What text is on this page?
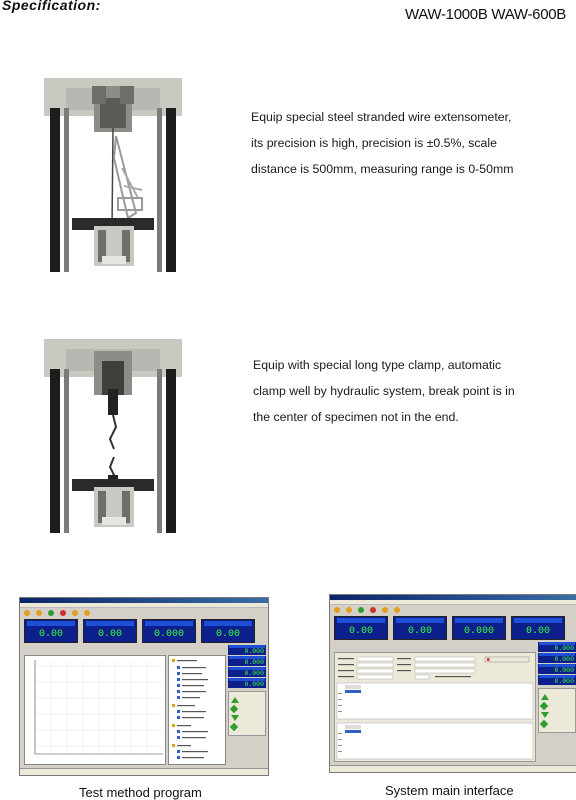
Specification:
WAW-1000B WAW-600B
Equip special steel stranded wire extensometer,
its precision is high, precision is ±0.5%, scale
distance is 500mm, measuring range is 0-50mm
Equip with special long type clamp, automatic
clamp well by hydraulic system, break point is in
the center of specimen not in the end.
0.00	0.00	0.000	0.00
0.000
0.000
0.000
0.000
0.00	0.00	0.000	0.00
0.000
0.000
0.000
0.000
Test method program	System main interface
